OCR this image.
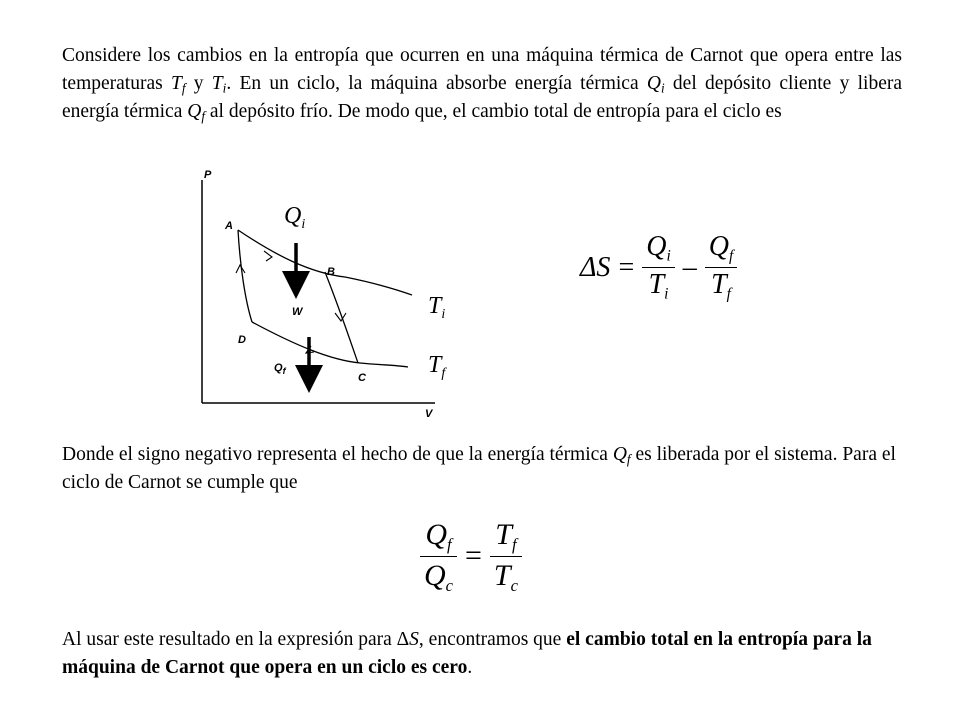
Considere los cambios en la entropía que ocurren en una máquina térmica de Carnot que opera entre las temperaturas $T_f$ y $T_i$. En un ciclo, la máquina absorbe energía térmica $Q_i$ del depósito cliente y libera energía térmica $Q_f$ al depósito frío. De modo que, el cambio total de entropía para el ciclo es
P
V
A
B
C
D
W
$Q_f$
$Q_i$
$T_i$
$T_f$
$\Delta S = \frac{Qi}{Ti} - \frac{Qf}{Tf}$
Donde el signo negativo representa el hecho de que la energía térmica $Q_f$ es liberada por el sistema. Para el ciclo de Carnot se cumple que
$\frac{Qf}{Qc} = \frac{Tf}{Tc}$
Al usar este resultado en la expresión para ΔS, encontramos que el cambio total en la entropía para la máquina de Carnot que opera en un ciclo es cero.
